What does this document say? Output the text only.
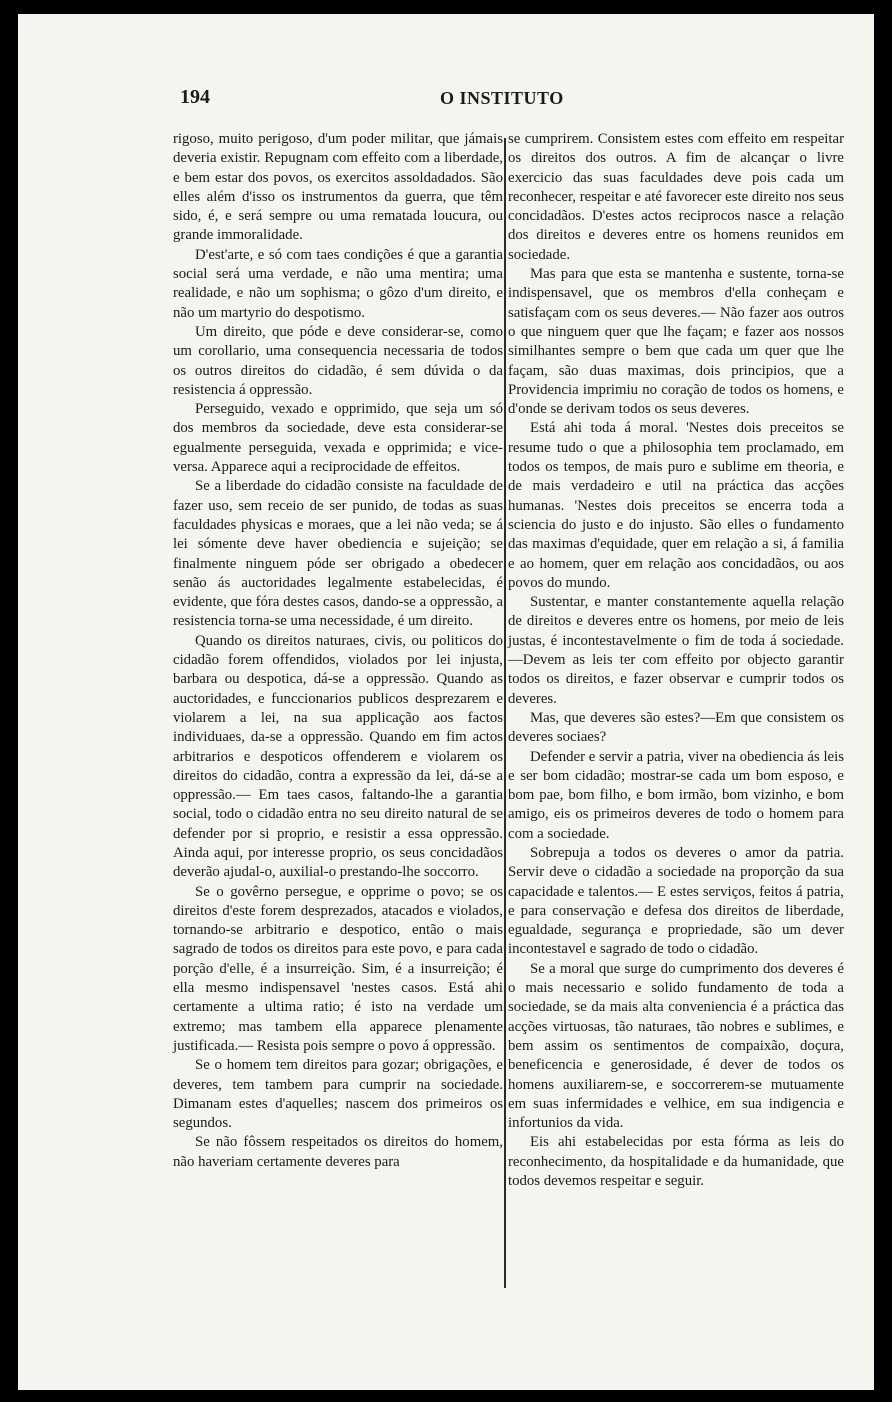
194	O INSTITUTO

rigoso, muito perigoso, d'um poder militar, que jámais deveria existir. Repugnam com effeito com a liberdade, e bem estar dos povos, os exercitos assoldadados. São elles além d'isso os instrumentos da guerra, que têm sido, é, e será sempre ou uma rematada loucura, ou grande immoralidade.

D'est'arte, e só com taes condições é que a garantia social será uma verdade, e não uma mentira; uma realidade, e não um sophisma; o gôzo d'um direito, e não um martyrio do despotismo.

Um direito, que póde e deve considerar-se, como um corollario, uma consequencia necessaria de todos os outros direitos do cidadão, é sem dúvida o da resistencia á oppressão.

Perseguido, vexado e opprimido, que seja um só dos membros da sociedade, deve esta considerar-se egualmente perseguida, vexada e opprimida; e vice-versa. Apparece aqui a reciprocidade de effeitos.

Se a liberdade do cidadão consiste na faculdade de fazer uso, sem receio de ser punido, de todas as suas faculdades physicas e moraes, que a lei não veda; se á lei sómente deve haver obediencia e sujeição; se finalmente ninguem póde ser obrigado a obedecer senão ás auctoridades legalmente estabelecidas, é evidente, que fóra destes casos, dando-se a oppressão, a resistencia torna-se uma necessidade, é um direito.

Quando os direitos naturaes, civis, ou politicos do cidadão forem offendidos, violados por lei injusta, barbara ou despotica, dá-se a oppressão. Quando as auctoridades, e funccionarios publicos desprezarem e violarem a lei, na sua applicação aos factos individuaes, da-se a oppressão. Quando em fim actos arbitrarios e despoticos offenderem e violarem os direitos do cidadão, contra a expressão da lei, dá-se a oppressão.— Em taes casos, faltando-lhe a garantia social, todo o cidadão entra no seu direito natural de se defender por si proprio, e resistir a essa oppressão. Ainda aqui, por interesse proprio, os seus concidadãos deverão ajudal-o, auxilial-o prestando-lhe soccorro.

Se o govêrno persegue, e opprime o povo; se os direitos d'este forem desprezados, atacados e violados, tornando-se arbitrario e despotico, então o mais sagrado de todos os direitos para este povo, e para cada porção d'elle, é a insurreição. Sim, é a insurreição; é ella mesmo indispensavel 'nestes casos. Está ahi certamente a ultima ratio; é isto na verdade um extremo; mas tambem ella apparece plenamente justificada.— Resista pois sempre o povo á oppressão.

Se o homem tem direitos para gozar; obrigações, e deveres, tem tambem para cumprir na sociedade. Dimanam estes d'aquelles; nascem dos primeiros os segundos.

Se não fôssem respeitados os direitos do homem, não haveriam certamente deveres para

se cumprirem. Consistem estes com effeito em respeitar os direitos dos outros. A fim de alcançar o livre exercicio das suas faculdades deve pois cada um reconhecer, respeitar e até favorecer este direito nos seus concidadãos. D'estes actos reciprocos nasce a relação dos direitos e deveres entre os homens reunidos em sociedade.

Mas para que esta se mantenha e sustente, torna-se indispensavel, que os membros d'ella conheçam e satisfaçam com os seus deveres.— Não fazer aos outros o que ninguem quer que lhe façam; e fazer aos nossos similhantes sempre o bem que cada um quer que lhe façam, são duas maximas, dois principios, que a Providencia imprimiu no coração de todos os homens, e d'onde se derivam todos os seus deveres.

Está ahi toda á moral. 'Nestes dois preceitos se resume tudo o que a philosophia tem proclamado, em todos os tempos, de mais puro e sublime em theoria, e de mais verdadeiro e util na práctica das acções humanas. 'Nestes dois preceitos se encerra toda a sciencia do justo e do injusto. São elles o fundamento das maximas d'equidade, quer em relação a si, á familia e ao homem, quer em relação aos concidadãos, ou aos povos do mundo.

Sustentar, e manter constantemente aquella relação de direitos e deveres entre os homens, por meio de leis justas, é incontestavelmente o fim de toda á sociedade.—Devem as leis ter com effeito por objecto garantir todos os direitos, e fazer observar e cumprir todos os deveres.

Mas, que deveres são estes?—Em que consistem os deveres sociaes?

Defender e servir a patria, viver na obediencia ás leis e ser bom cidadão; mostrar-se cada um bom esposo, e bom pae, bom filho, e bom irmão, bom vizinho, e bom amigo, eis os primeiros deveres de todo o homem para com a sociedade.

Sobrepuja a todos os deveres o amor da patria. Servir deve o cidadão a sociedade na proporção da sua capacidade e talentos.— E estes serviços, feitos á patria, e para conservação e defesa dos direitos de liberdade, egualdade, segurança e propriedade, são um dever incontestavel e sagrado de todo o cidadão.

Se a moral que surge do cumprimento dos deveres é o mais necessario e solido fundamento de toda a sociedade, se da mais alta conveniencia é a práctica das acções virtuosas, tão naturaes, tão nobres e sublimes, e bem assim os sentimentos de compaixão, doçura, beneficencia e generosidade, é dever de todos os homens auxiliarem-se, e soccorrerem-se mutuamente em suas infermidades e velhice, em sua indigencia e infortunios da vida.

Eis ahi estabelecidas por esta fórma as leis do reconhecimento, da hospitalidade e da humanidade, que todos devemos respeitar e seguir.
